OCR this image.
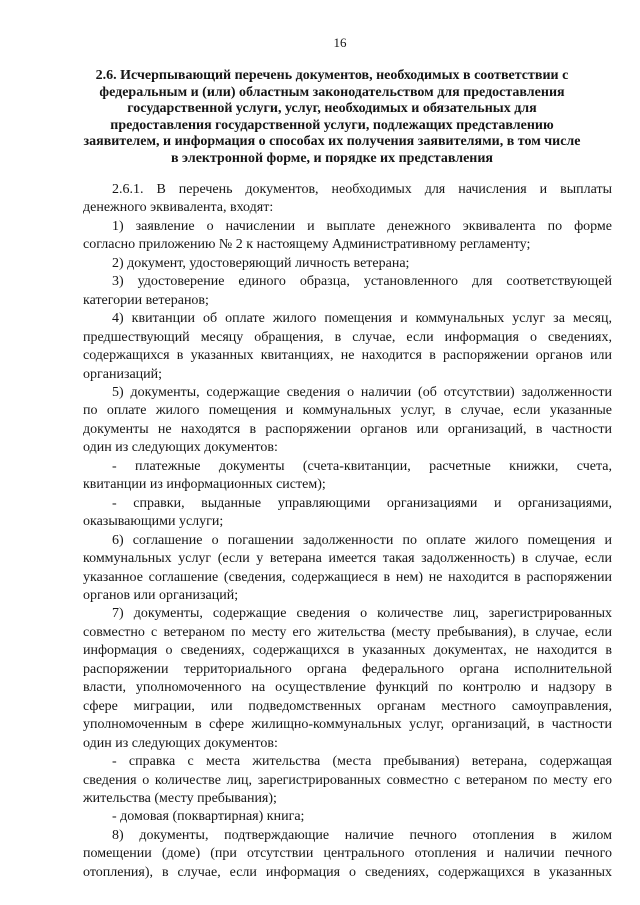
16
2.6. Исчерпывающий перечень документов, необходимых в соответствии с
федеральным и (или) областным законодательством для предоставления
государственной услуги, услуг, необходимых и обязательных для
предоставления государственной услуги, подлежащих представлению
заявителем, и информация о способах их получения заявителями, в том числе
в электронной форме, и порядке их представления
2.6.1. В перечень документов, необходимых для начисления и выплаты
денежного эквивалента, входят:
1) заявление о начислении и выплате денежного эквивалента по форме
согласно приложению № 2 к настоящему Административному регламенту;
2) документ, удостоверяющий личность ветерана;
3) удостоверение единого образца, установленного для соответствующей
категории ветеранов;
4) квитанции об оплате жилого помещения и коммунальных услуг за месяц,
предшествующий месяцу обращения, в случае, если информация о сведениях,
содержащихся в указанных квитанциях, не находится в распоряжении органов или
организаций;
5) документы, содержащие сведения о наличии (об отсутствии) задолженности
по оплате жилого помещения и коммунальных услуг, в случае, если указанные
документы не находятся в распоряжении органов или организаций, в частности
один из следующих документов:
- платежные документы (счета-квитанции, расчетные книжки, счета,
квитанции из информационных систем);
- справки, выданные управляющими организациями и организациями,
оказывающими услуги;
6) соглашение о погашении задолженности по оплате жилого помещения и
коммунальных услуг (если у ветерана имеется такая задолженность) в случае, если
указанное соглашение (сведения, содержащиеся в нем) не находится в распоряжении
органов или организаций;
7) документы, содержащие сведения о количестве лиц, зарегистрированных
совместно с ветераном по месту его жительства (месту пребывания), в случае, если
информация о сведениях, содержащихся в указанных документах, не находится в
распоряжении территориального органа федерального органа исполнительной
власти, уполномоченного на осуществление функций по контролю и надзору в
сфере миграции, или подведомственных органам местного самоуправления,
уполномоченным в сфере жилищно-коммунальных услуг, организаций, в частности
один из следующих документов:
- справка с места жительства (места пребывания) ветерана, содержащая
сведения о количестве лиц, зарегистрированных совместно с ветераном по месту его
жительства (месту пребывания);
- домовая (поквартирная) книга;
8) документы, подтверждающие наличие печного отопления в жилом
помещении (доме) (при отсутствии центрального отопления и наличии печного
отопления), в случае, если информация о сведениях, содержащихся в указанных
